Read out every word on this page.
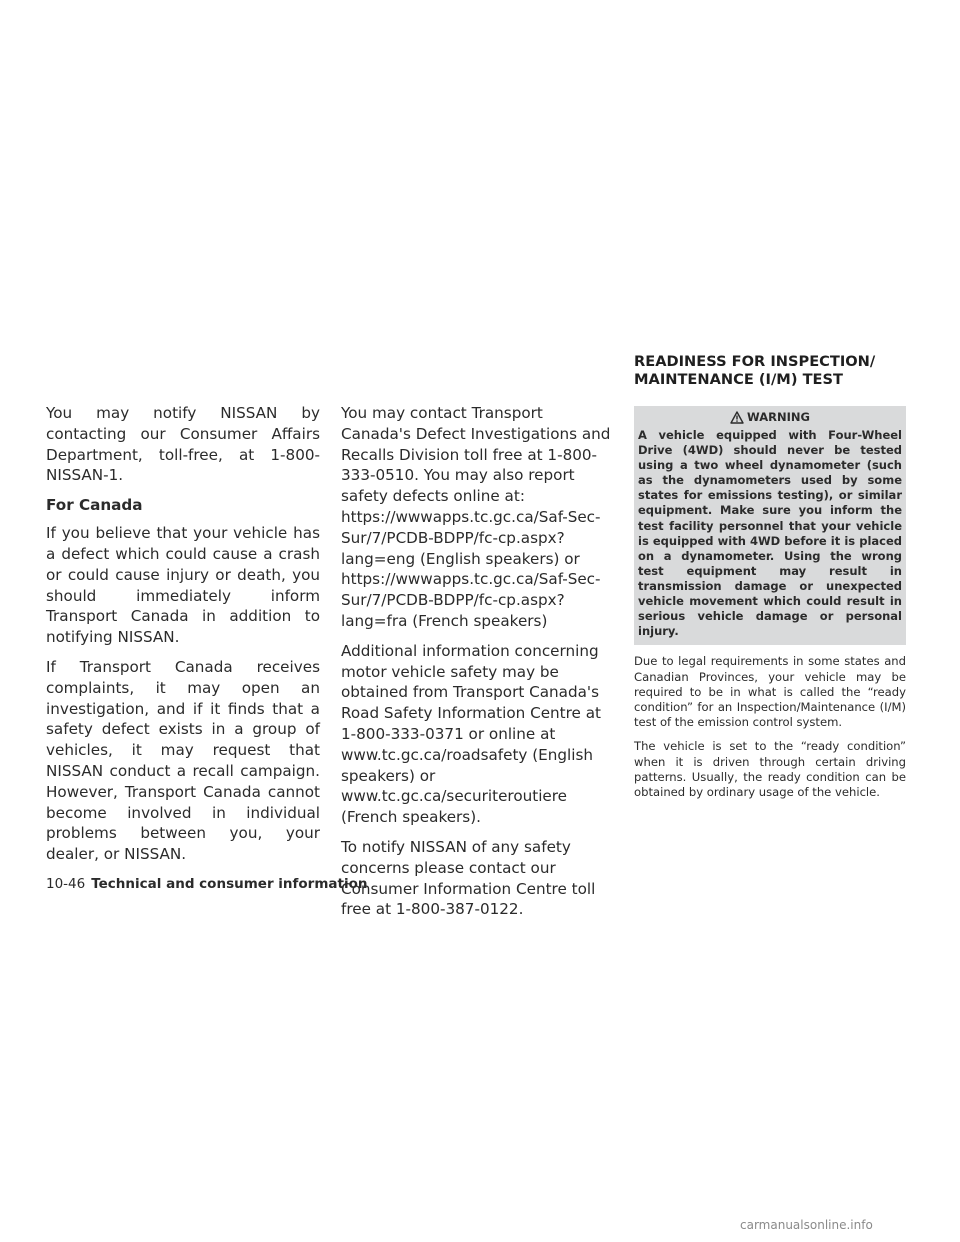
You may notify NISSAN by contacting our Consumer Affairs Department, toll-free, at 1-800-NISSAN-1.

For Canada

If you believe that your vehicle has a defect which could cause a crash or could cause injury or death, you should immediately inform Transport Canada in addition to notifying NISSAN.

If Transport Canada receives complaints, it may open an investigation, and if it finds that a safety defect exists in a group of vehicles, it may request that NISSAN conduct a recall campaign. However, Transport Canada cannot become involved in individual problems between you, your dealer, or NISSAN.

You may contact Transport Canada's Defect Investigations and Recalls Division toll free at 1-800-333-0510. You may also report safety defects online at: https://wwwapps.tc.gc.ca/Saf-Sec-Sur/7/PCDB-BDPP/fc-cp.aspx?lang=eng (English speakers) or https://wwwapps.tc.gc.ca/Saf-Sec-Sur/7/PCDB-BDPP/fc-cp.aspx?lang=fra (French speakers)

Additional information concerning motor vehicle safety may be obtained from Transport Canada's Road Safety Information Centre at 1-800-333-0371 or online at www.tc.gc.ca/roadsafety (English speakers) or www.tc.gc.ca/securiteroutiere (French speakers).

To notify NISSAN of any safety concerns please contact our Consumer Information Centre toll free at 1-800-387-0122.

READINESS FOR INSPECTION/
MAINTENANCE (I/M) TEST
WARNING
A vehicle equipped with Four-Wheel Drive (4WD) should never be tested using a two wheel dynamometer (such as the dynamometers used by some states for emissions testing), or similar equipment. Make sure you inform the test facility personnel that your vehicle is equipped with 4WD before it is placed on a dynamometer. Using the wrong test equipment may result in transmission damage or unexpected vehicle movement which could result in serious vehicle damage or personal injury.

Due to legal requirements in some states and Canadian Provinces, your vehicle may be required to be in what is called the “ready condition” for an Inspection/Maintenance (I/M) test of the emission control system.

The vehicle is set to the “ready condition” when it is driven through certain driving patterns. Usually, the ready condition can be obtained by ordinary usage of the vehicle.

10-46 Technical and consumer information
carmanualsonline.info
